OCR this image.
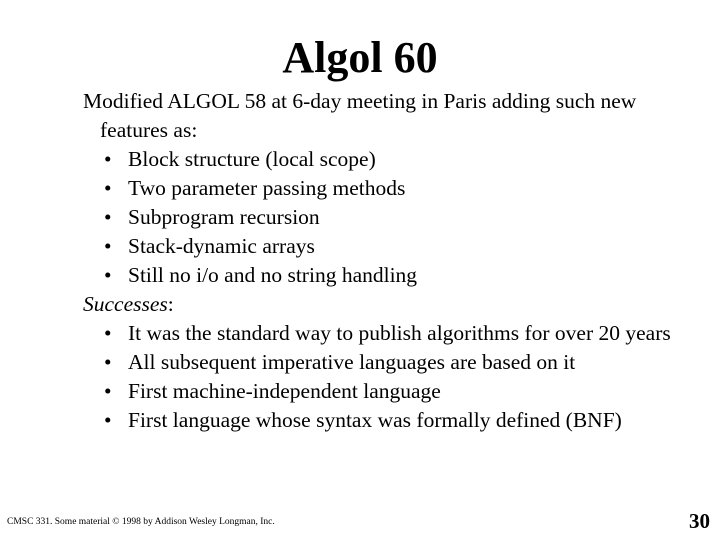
Algol 60

Modified ALGOL 58 at 6-day meeting in Paris adding such new features as:

• Block structure (local scope)
• Two parameter passing methods
• Subprogram recursion
• Stack-dynamic arrays
• Still no i/o and no string handling

Successes:

• It was the standard way to publish algorithms for over 20 years
• All subsequent imperative languages are based on it
• First machine-independent language
• First language whose syntax was formally defined (BNF)
CMSC 331. Some material © 1998 by Addison Wesley Longman, Inc.	30
